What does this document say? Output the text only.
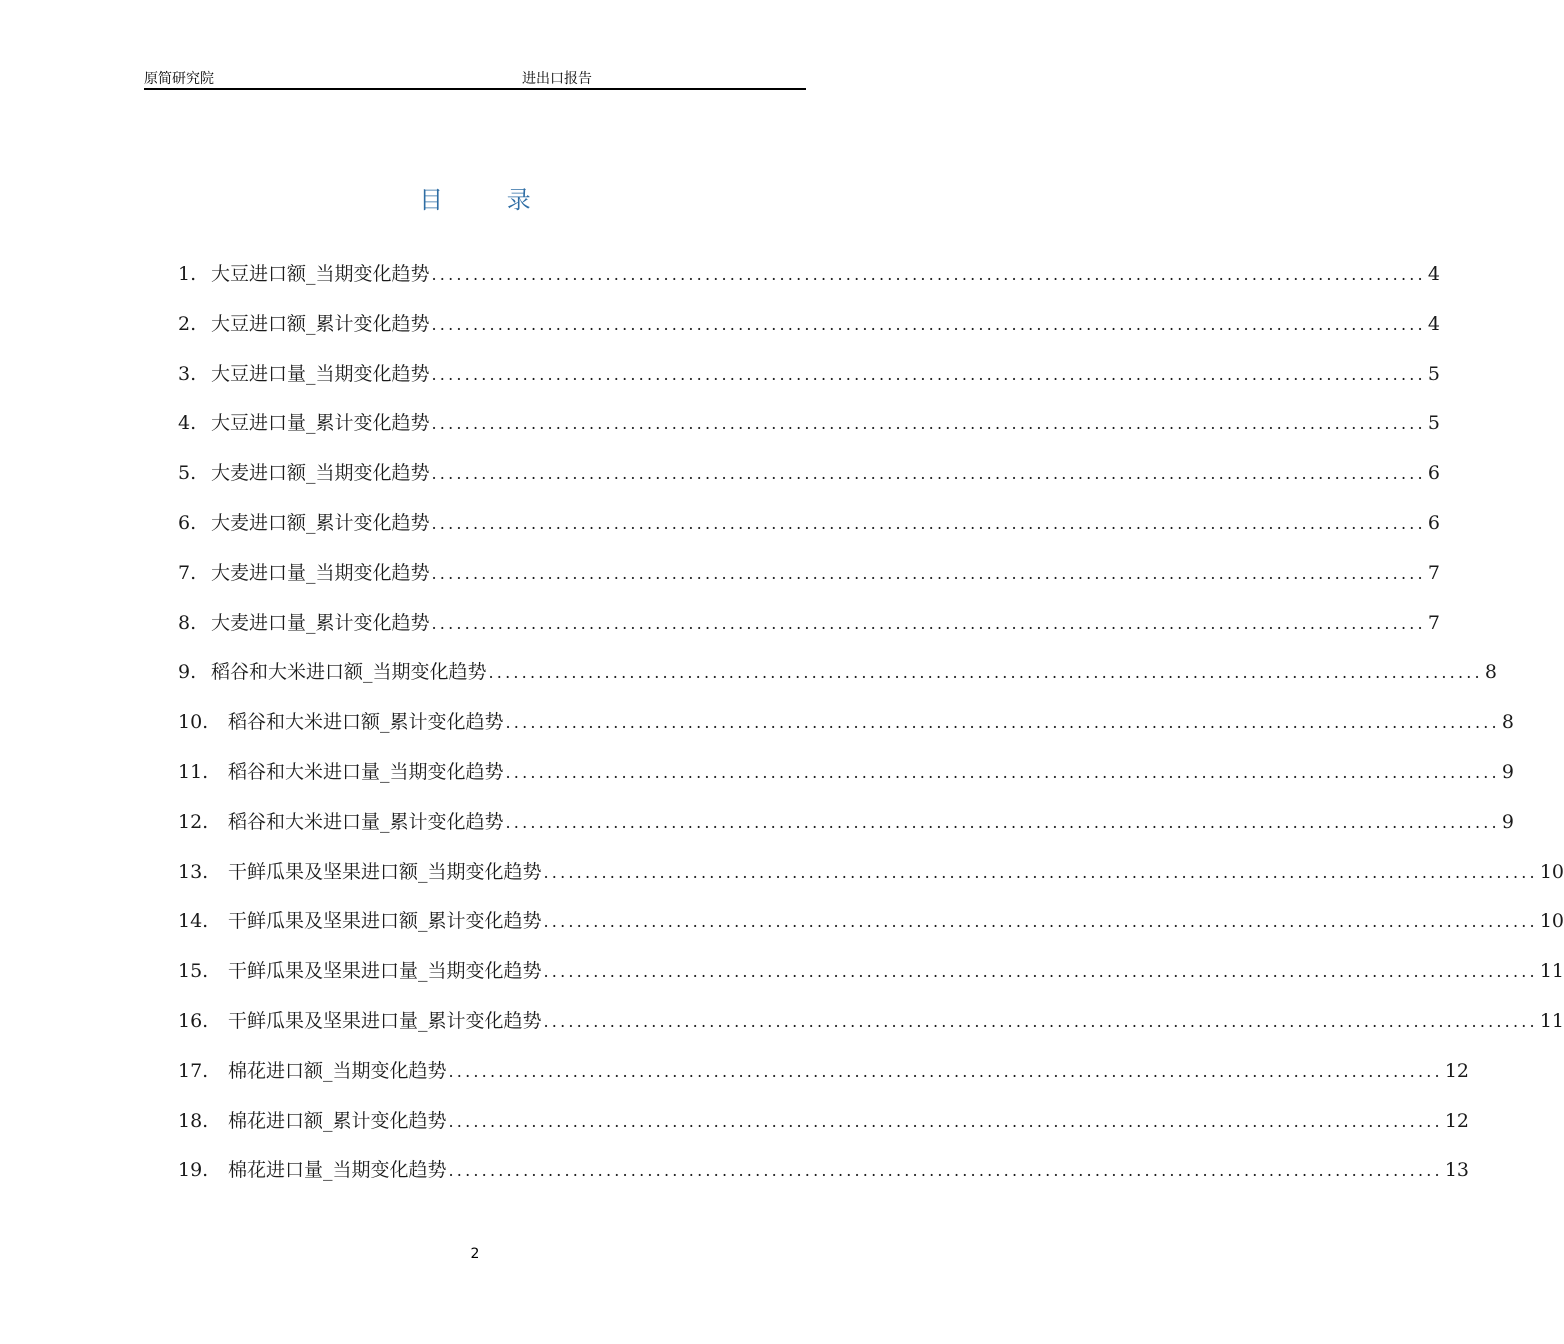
原简研究院	进出口报告
目 录
1. 大豆进口额_当期变化趋势 ........................................................................................................................ 4
2. 大豆进口额_累计变化趋势 ........................................................................................................................ 4
3. 大豆进口量_当期变化趋势 ........................................................................................................................ 5
4. 大豆进口量_累计变化趋势 ........................................................................................................................ 5
5. 大麦进口额_当期变化趋势 ........................................................................................................................ 6
6. 大麦进口额_累计变化趋势 ........................................................................................................................ 6
7. 大麦进口量_当期变化趋势 ........................................................................................................................ 7
8. 大麦进口量_累计变化趋势 ........................................................................................................................ 7
9. 稻谷和大米进口额_当期变化趋势 ........................................................................................................................ 8
10.	稻谷和大米进口额_累计变化趋势 ........................................................................................................................ 8
11.	稻谷和大米进口量_当期变化趋势 ........................................................................................................................ 9
12.	稻谷和大米进口量_累计变化趋势 ........................................................................................................................ 9
13.	干鲜瓜果及坚果进口额_当期变化趋势 ........................................................................................................................ 10
14.	干鲜瓜果及坚果进口额_累计变化趋势 ........................................................................................................................ 10
15.	干鲜瓜果及坚果进口量_当期变化趋势 ........................................................................................................................ 11
16.	干鲜瓜果及坚果进口量_累计变化趋势 ........................................................................................................................ 11
17.	棉花进口额_当期变化趋势 ........................................................................................................................ 12
18.	棉花进口额_累计变化趋势 ........................................................................................................................ 12
19.	棉花进口量_当期变化趋势 ........................................................................................................................ 13
2
